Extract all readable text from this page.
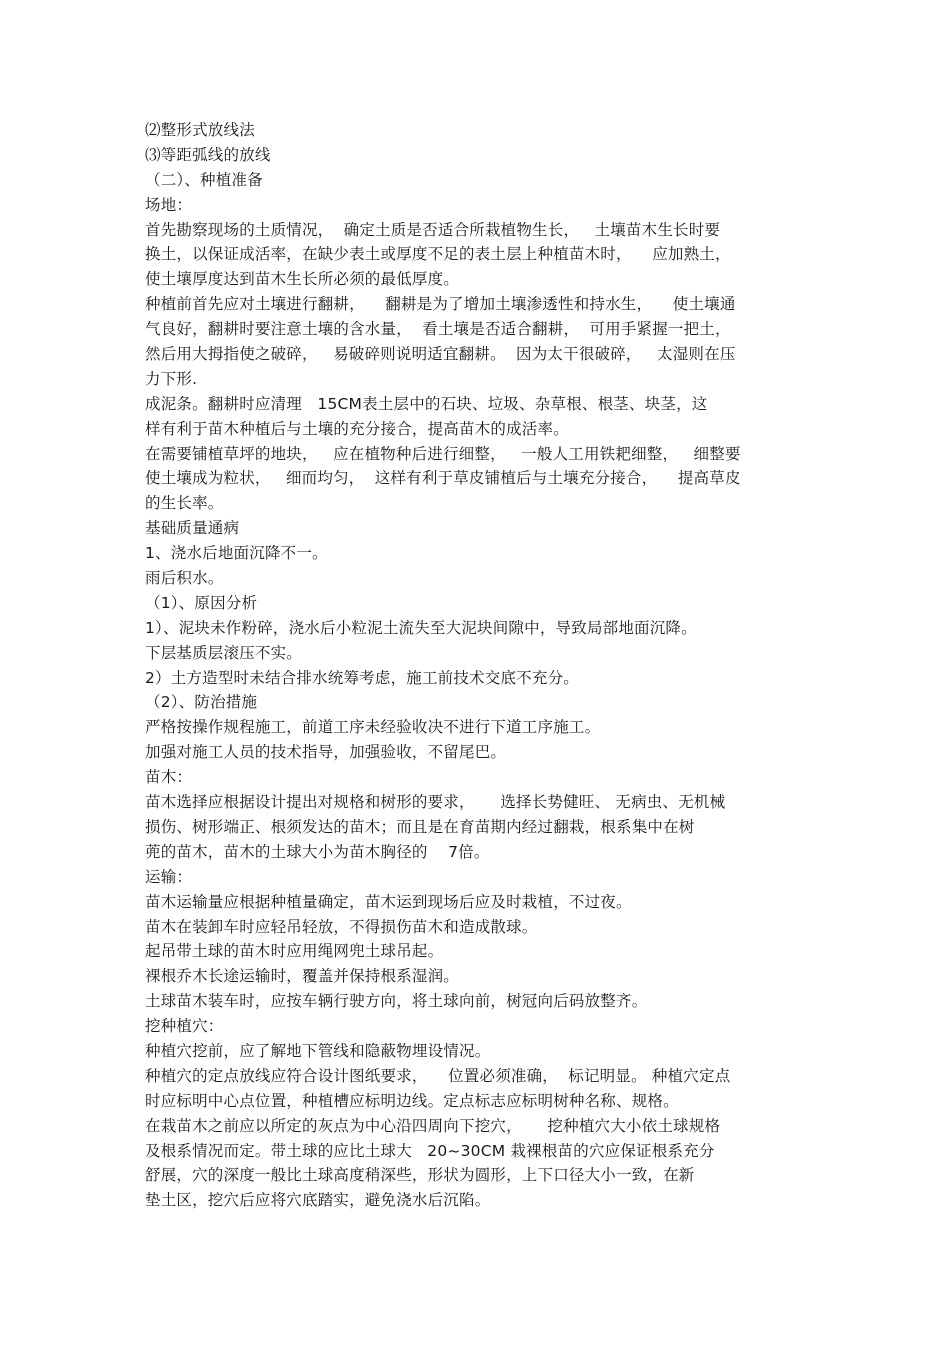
⑵整形式放线法
⑶等距弧线的放线
（二）、种植准备
场地：
首先勘察现场的土质情况，  确定土质是否适合所栽植物生长，   土壤苗木生长时要
换土，以保证成活率，在缺少表土或厚度不足的表土层上种植苗木时，    应加熟土，
使土壤厚度达到苗木生长所必须的最低厚度。
种植前首先应对土壤进行翻耕，    翻耕是为了增加土壤渗透性和持水生，    使土壤通
气良好，翻耕时要注意土壤的含水量，  看土壤是否适合翻耕，  可用手紧握一把土，
然后用大拇指使之破碎，   易破碎则说明适宜翻耕。  因为太干很破碎，   太湿则在压
力下形.
成泥条。翻耕时应清理   15CM表土层中的石块、垃圾、杂草根、根茎、块茎，这
样有利于苗木种植后与土壤的充分接合，提高苗木的成活率。
在需要铺植草坪的地块，   应在植物种后进行细整，   一般人工用铁耙细整，   细整要
使土壤成为粒状，   细而均匀，  这样有利于草皮铺植后与土壤充分接合，    提高草皮
的生长率。
基础质量通病
1、浇水后地面沉降不一。
雨后积水。
（1）、原因分析
1）、泥块未作粉碎，浇水后小粒泥土流失至大泥块间隙中，导致局部地面沉降。
下层基质层滚压不实。
2）土方造型时未结合排水统筹考虑，施工前技术交底不充分。
（2）、防治措施
严格按操作规程施工，前道工序未经验收决不进行下道工序施工。
加强对施工人员的技术指导，加强验收，不留尾巴。
苗木：
苗木选择应根据设计提出对规格和树形的要求，     选择长势健旺、 无病虫、无机械
损伤、树形端正、根须发达的苗木；而且是在育苗期内经过翻栽，根系集中在树
蔸的苗木，苗木的土球大小为苗木胸径的    7倍。
运输：
苗木运输量应根据种植量确定，苗木运到现场后应及时栽植，不过夜。
苗木在装卸车时应轻吊轻放，不得损伤苗木和造成散球。
起吊带土球的苗木时应用绳网兜土球吊起。
裸根乔木长途运输时，覆盖并保持根系湿润。
土球苗木装车时，应按车辆行驶方向，将土球向前，树冠向后码放整齐。
挖种植穴：
种植穴挖前，应了解地下管线和隐蔽物埋设情况。
种植穴的定点放线应符合设计图纸要求，    位置必须准确，  标记明显。 种植穴定点
时应标明中心点位置，种植槽应标明边线。定点标志应标明树种名称、规格。
在栽苗木之前应以所定的灰点为中心沿四周向下挖穴，     挖种植穴大小依土球规格
及根系情况而定。带土球的应比土球大   20~30CM 栽裸根苗的穴应保证根系充分
舒展，穴的深度一般比土球高度稍深些，形状为圆形，上下口径大小一致，在新
垫土区，挖穴后应将穴底踏实，避免浇水后沉陷。
